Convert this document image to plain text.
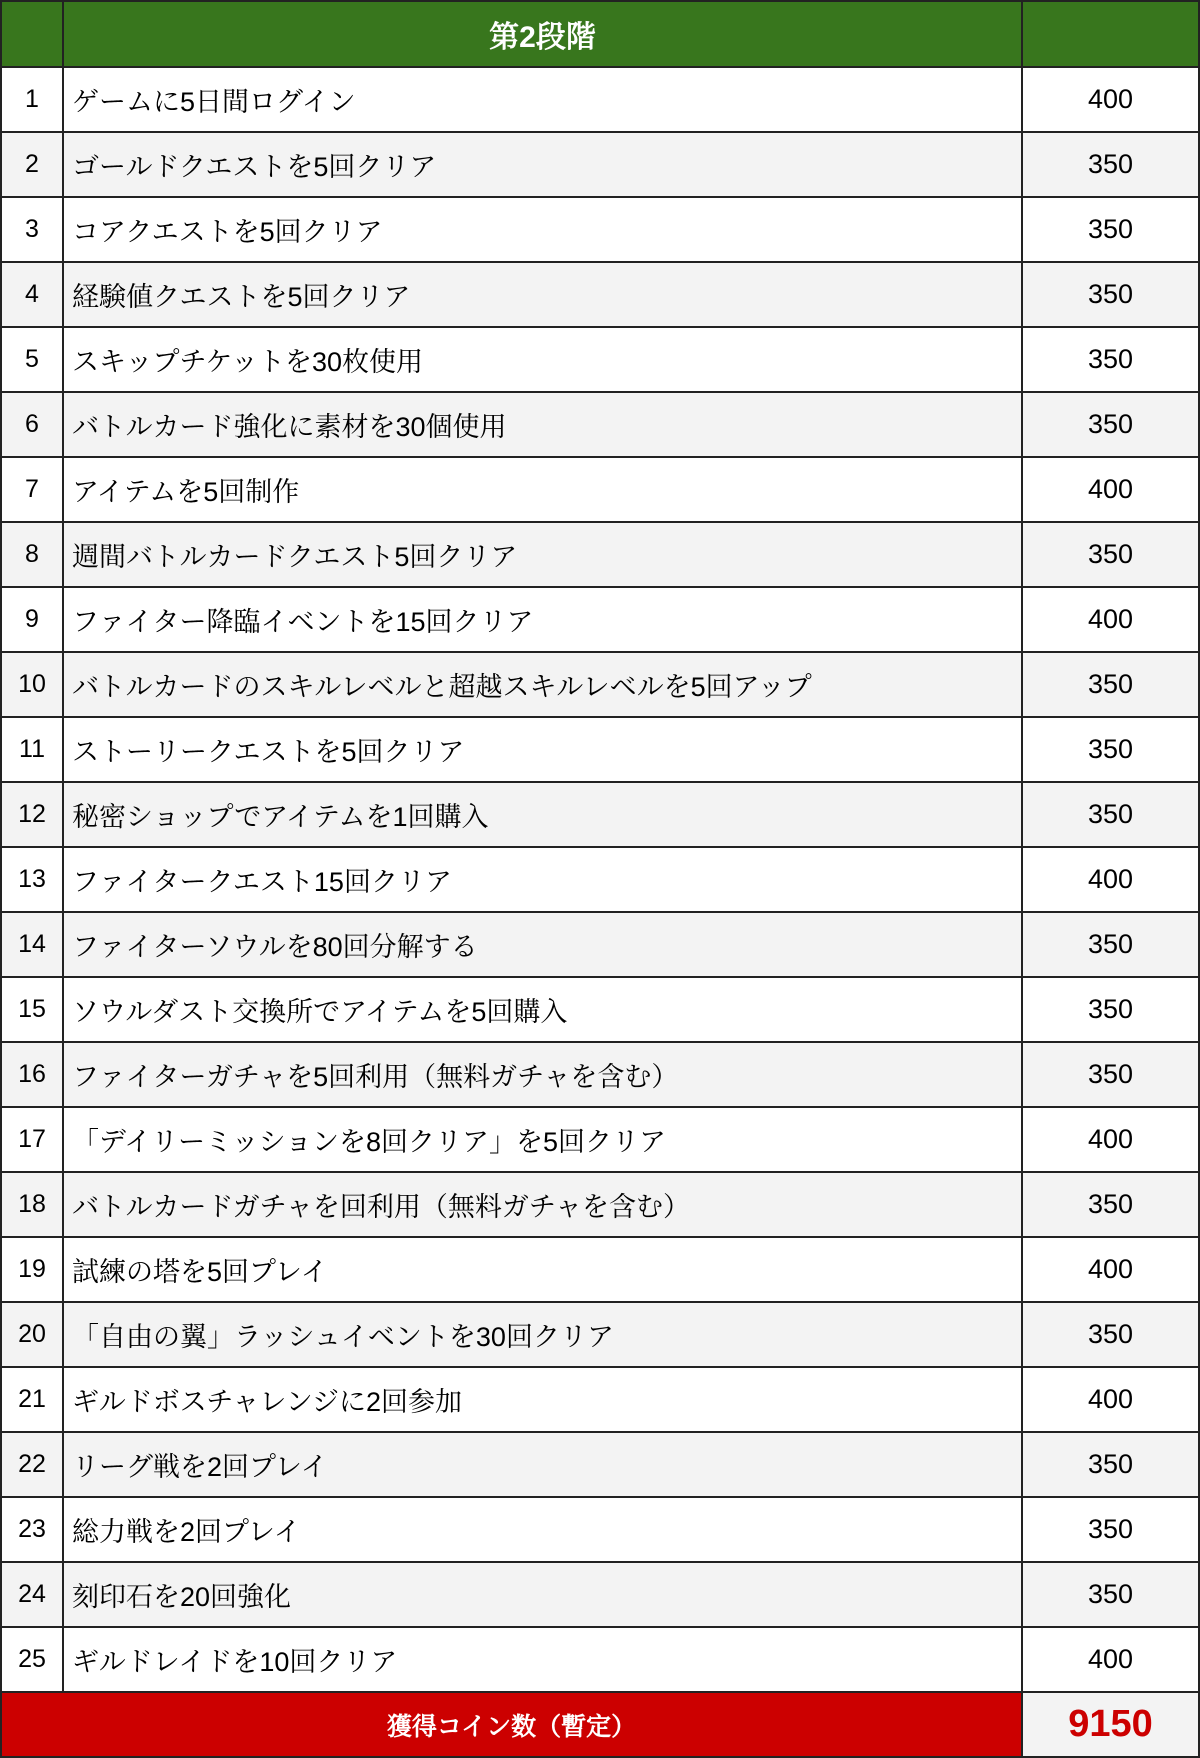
	第2段階	
1	ゲームに5日間ログイン	400
2	ゴールドクエストを5回クリア	350
3	コアクエストを5回クリア	350
4	経験値クエストを5回クリア	350
5	スキップチケットを30枚使用	350
6	バトルカード強化に素材を30個使用	350
7	アイテムを5回制作	400
8	週間バトルカードクエスト5回クリア	350
9	ファイター降臨イベントを15回クリア	400
10	バトルカードのスキルレベルと超越スキルレベルを5回アップ	350
11	ストーリークエストを5回クリア	350
12	秘密ショップでアイテムを1回購入	350
13	ファイタークエスト15回クリア	400
14	ファイターソウルを80回分解する	350
15	ソウルダスト交換所でアイテムを5回購入	350
16	ファイターガチャを5回利用（無料ガチャを含む）	350
17	「デイリーミッションを8回クリア」を5回クリア	400
18	バトルカードガチャを回利用（無料ガチャを含む）	350
19	試練の塔を5回プレイ	400
20	「自由の翼」ラッシュイベントを30回クリア	350
21	ギルドボスチャレンジに2回参加	400
22	リーグ戦を2回プレイ	350
23	総力戦を2回プレイ	350
24	刻印石を20回強化	350
25	ギルドレイドを10回クリア	400
獲得コイン数（暫定）		9150
